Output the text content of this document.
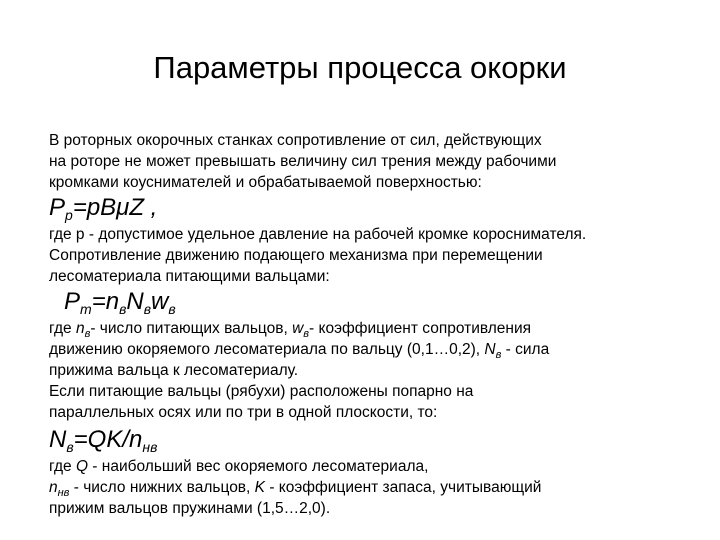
Параметры процесса окорки
В роторных окорочных станках сопротивление от сил, действующих
на роторе не может превышать величину сил трения между рабочими
кромками коуснимателей и обрабатываемой поверхностью:
$P_р=pB\mu Z$ ,
где р - допустимое удельное давление на рабочей кромке короснимателя.
Сопротивление движению подающего механизма при перемещении
лесоматериала питающими вальцами:
$P_т=n_вN_вw_в$
где $n_в-$ число питающих вальцов, $w_в-$ коэффициент сопротивления
движению окоряемого лесоматериала по вальцу (0,1…0,2), $N_в$ - сила
прижима вальца к лесоматериалу.
Если питающие вальцы (рябухи) расположены попарно на
параллельных осях или по три в одной плоскости, то:
$N_в=QK/n_{нв}$
где Q - наибольший вес окоряемого лесоматериала,
$n_{нв}$ - число нижних вальцов, K - коэффициент запаса, учитывающий
прижим вальцов пружинами (1,5…2,0).
